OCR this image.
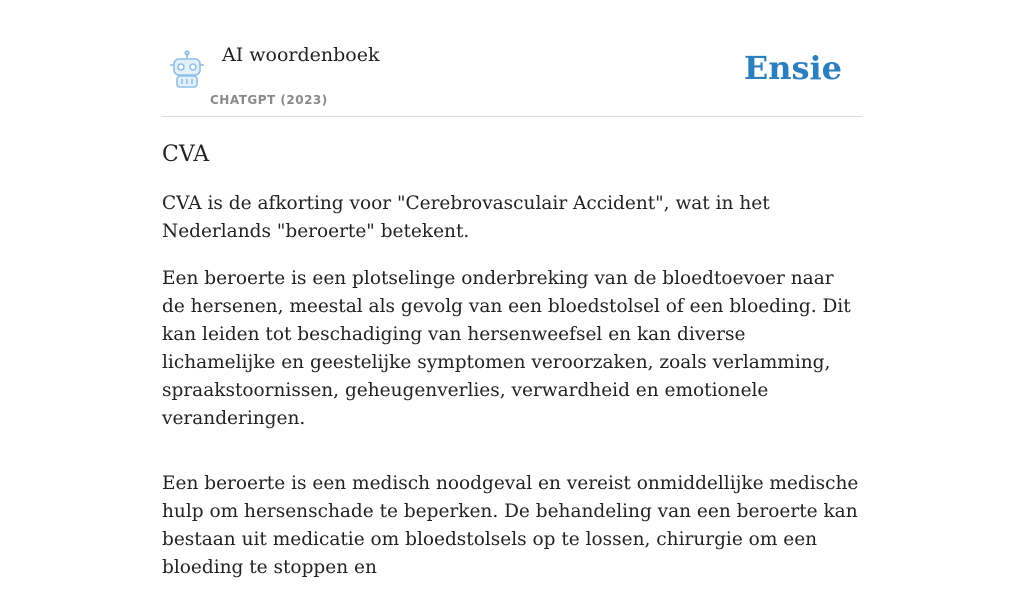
AI woordenboek
CHATGPT (2023)
Ensie
CVA

CVA is de afkorting voor "Cerebrovasculair Accident", wat in het Nederlands "beroerte" betekent.

Een beroerte is een plotselinge onderbreking van de bloedtoevoer naar de hersenen, meestal als gevolg van een bloedstolsel of een bloeding. Dit kan leiden tot beschadiging van hersenweefsel en kan diverse lichamelijke en geestelijke symptomen veroorzaken, zoals verlamming, spraakstoornissen, geheugenverlies, verwardheid en emotionele veranderingen.

Een beroerte is een medisch noodgeval en vereist onmiddellijke medische hulp om hersenschade te beperken. De behandeling van een beroerte kan bestaan uit medicatie om bloedstolsels op te lossen, chirurgie om een bloeding te stoppen en
